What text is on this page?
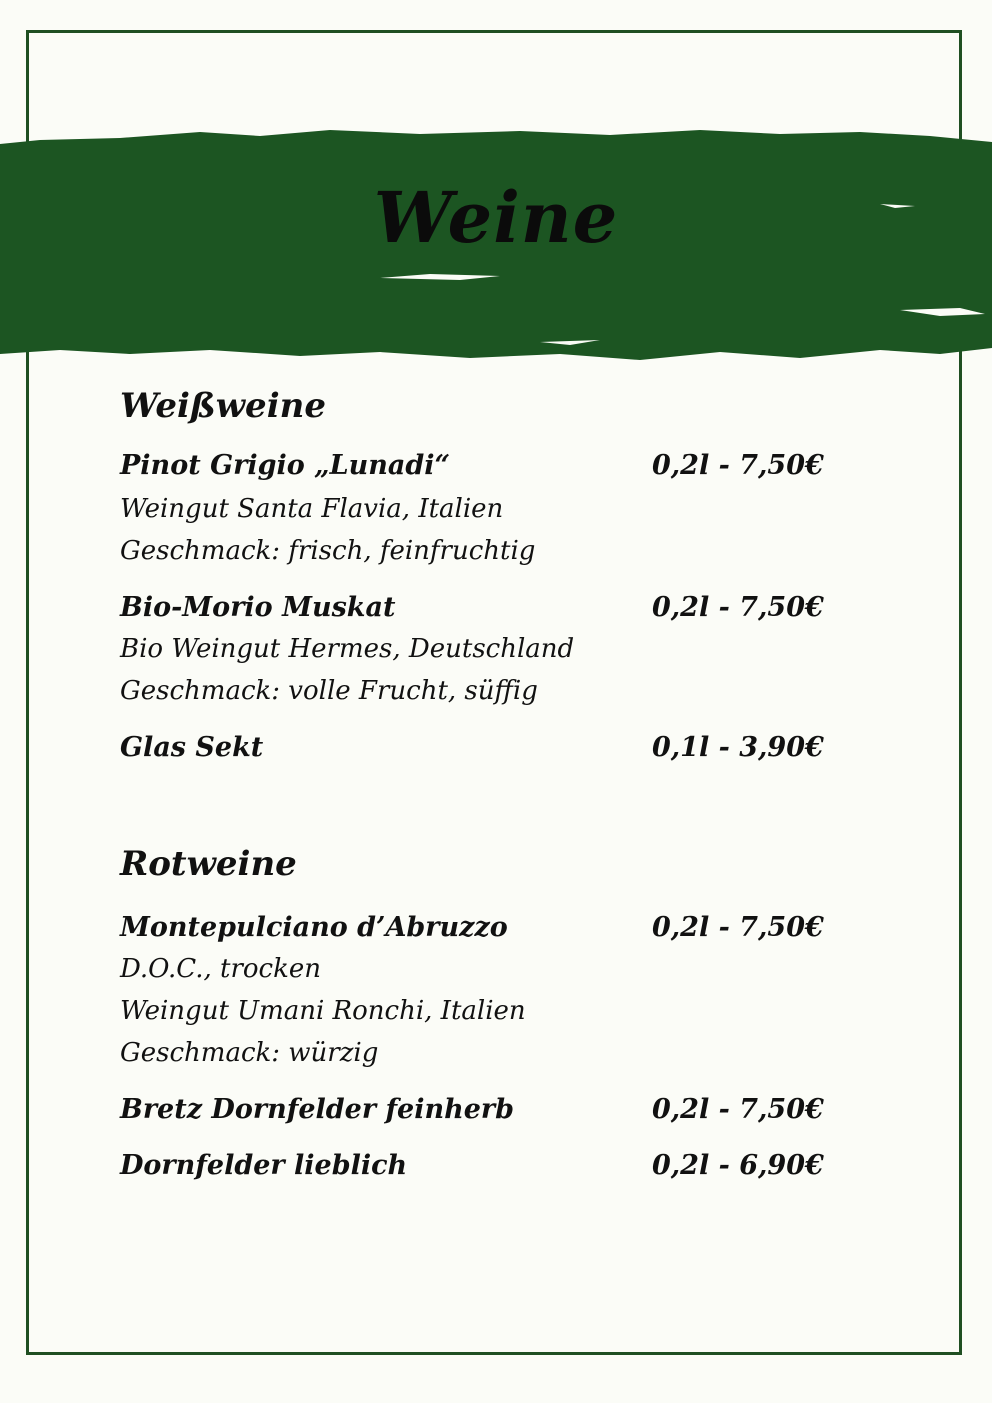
Weine
Weißweine
Pinot Grigio „Lunadi“	0,2l - 7,50€
Weingut Santa Flavia, Italien
Geschmack: frisch, feinfruchtig
Bio-Morio Muskat	0,2l - 7,50€
Bio Weingut Hermes, Deutschland
Geschmack: volle Frucht, süffig
Glas Sekt	0,1l - 3,90€
Rotweine
Montepulciano d’Abruzzo	0,2l - 7,50€
D.O.C., trocken
Weingut Umani Ronchi, Italien
Geschmack: würzig
Bretz Dornfelder feinherb	0,2l - 7,50€
Dornfelder lieblich	0,2l - 6,90€
